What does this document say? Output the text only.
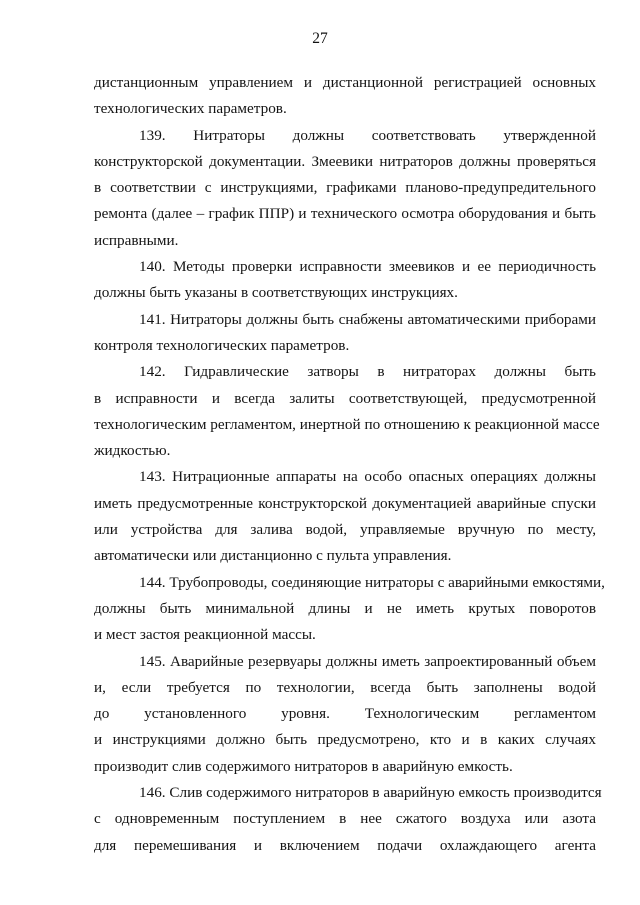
27
дистанционным управлением и дистанционной регистрацией основных
технологических параметров.
139. Нитраторы должны соответствовать утвержденной
конструкторской документации. Змеевики нитраторов должны проверяться
в соответствии с инструкциями, графиками планово-предупредительного
ремонта (далее – график ППР) и технического осмотра оборудования и быть
исправными.
140. Методы проверки исправности змеевиков и ее периодичность
должны быть указаны в соответствующих инструкциях.
141. Нитраторы должны быть снабжены автоматическими приборами
контроля технологических параметров.
142. Гидравлические затворы в нитраторах должны быть
в исправности и всегда залиты соответствующей, предусмотренной
технологическим регламентом, инертной по отношению к реакционной массе
жидкостью.
143. Нитрационные аппараты на особо опасных операциях должны
иметь предусмотренные конструкторской документацией аварийные спуски
или устройства для залива водой, управляемые вручную по месту,
автоматически или дистанционно с пульта управления.
144. Трубопроводы, соединяющие нитраторы с аварийными емкостями,
должны быть минимальной длины и не иметь крутых поворотов
и мест застоя реакционной массы.
145. Аварийные резервуары должны иметь запроектированный объем
и, если требуется по технологии, всегда быть заполнены водой
до установленного уровня. Технологическим регламентом
и инструкциями должно быть предусмотрено, кто и в каких случаях
производит слив содержимого нитраторов в аварийную емкость.
146. Слив содержимого нитраторов в аварийную емкость производится
с одновременным поступлением в нее сжатого воздуха или азота
для перемешивания и включением подачи охлаждающего агента
